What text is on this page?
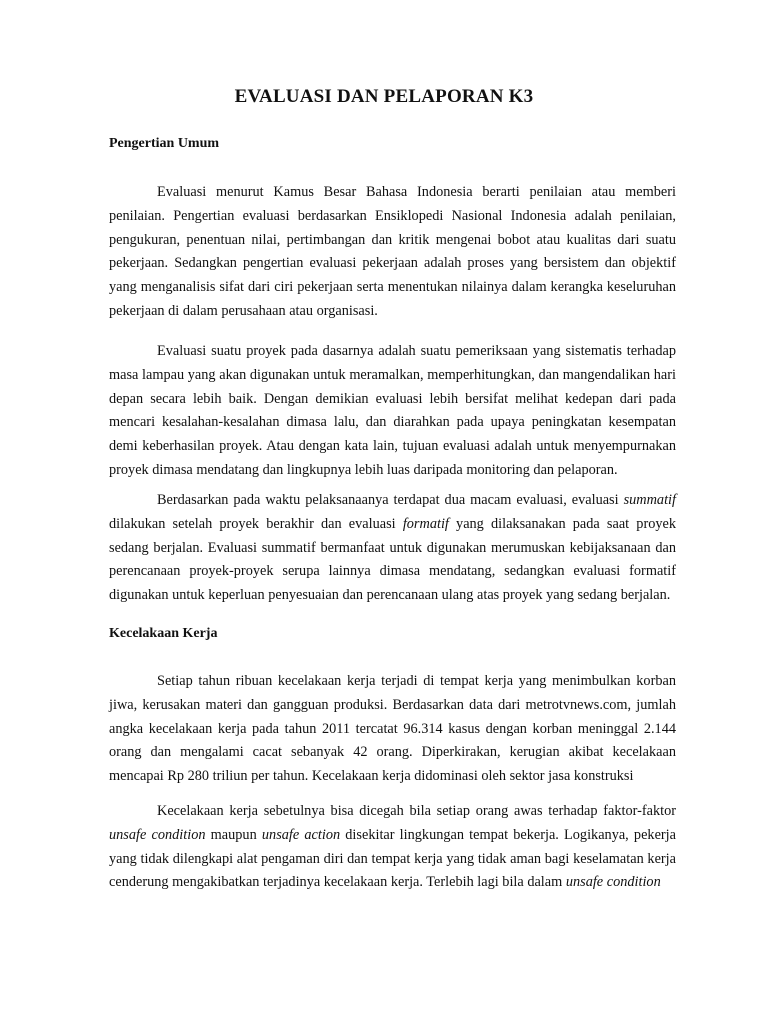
EVALUASI DAN PELAPORAN K3
Pengertian Umum

Evaluasi menurut Kamus Besar Bahasa Indonesia berarti penilaian atau memberi penilaian. Pengertian evaluasi berdasarkan Ensiklopedi Nasional Indonesia adalah penilaian, pengukuran, penentuan nilai, pertimbangan dan kritik mengenai bobot atau kualitas dari suatu pekerjaan. Sedangkan pengertian evaluasi pekerjaan adalah proses yang bersistem dan objektif yang menganalisis sifat dari ciri pekerjaan serta menentukan nilainya dalam kerangka keseluruhan pekerjaan di dalam perusahaan atau organisasi.

Evaluasi suatu proyek pada dasarnya adalah suatu pemeriksaan yang sistematis terhadap masa lampau yang akan digunakan untuk meramalkan, memperhitungkan, dan mangendalikan hari depan secara lebih baik. Dengan demikian evaluasi lebih bersifat melihat kedepan dari pada mencari kesalahan-kesalahan dimasa lalu, dan diarahkan pada upaya peningkatan kesempatan demi keberhasilan proyek. Atau dengan kata lain, tujuan evaluasi adalah untuk menyempurnakan proyek dimasa mendatang dan lingkupnya lebih luas daripada monitoring dan pelaporan.

Berdasarkan pada waktu pelaksanaanya terdapat dua macam evaluasi, evaluasi summatif dilakukan setelah proyek berakhir dan evaluasi formatif yang dilaksanakan pada saat proyek sedang berjalan. Evaluasi summatif bermanfaat untuk digunakan merumuskan kebijaksanaan dan perencanaan proyek-proyek serupa lainnya dimasa mendatang, sedangkan evaluasi formatif digunakan untuk keperluan penyesuaian dan perencanaan ulang atas proyek yang sedang berjalan.

Kecelakaan Kerja

Setiap tahun ribuan kecelakaan kerja terjadi di tempat kerja yang menimbulkan korban jiwa, kerusakan materi dan gangguan produksi. Berdasarkan data dari metrotvnews.com, jumlah angka kecelakaan kerja pada tahun 2011 tercatat 96.314 kasus dengan korban meninggal 2.144 orang dan mengalami cacat sebanyak 42 orang. Diperkirakan, kerugian akibat kecelakaan mencapai Rp 280 triliun per tahun. Kecelakaan kerja didominasi oleh sektor jasa konstruksi

Kecelakaan kerja sebetulnya bisa dicegah bila setiap orang awas terhadap faktor-faktor unsafe condition maupun unsafe action disekitar lingkungan tempat bekerja. Logikanya, pekerja yang tidak dilengkapi alat pengaman diri dan tempat kerja yang tidak aman bagi keselamatan kerja cenderung mengakibatkan terjadinya kecelakaan kerja. Terlebih lagi bila dalam unsafe condition
